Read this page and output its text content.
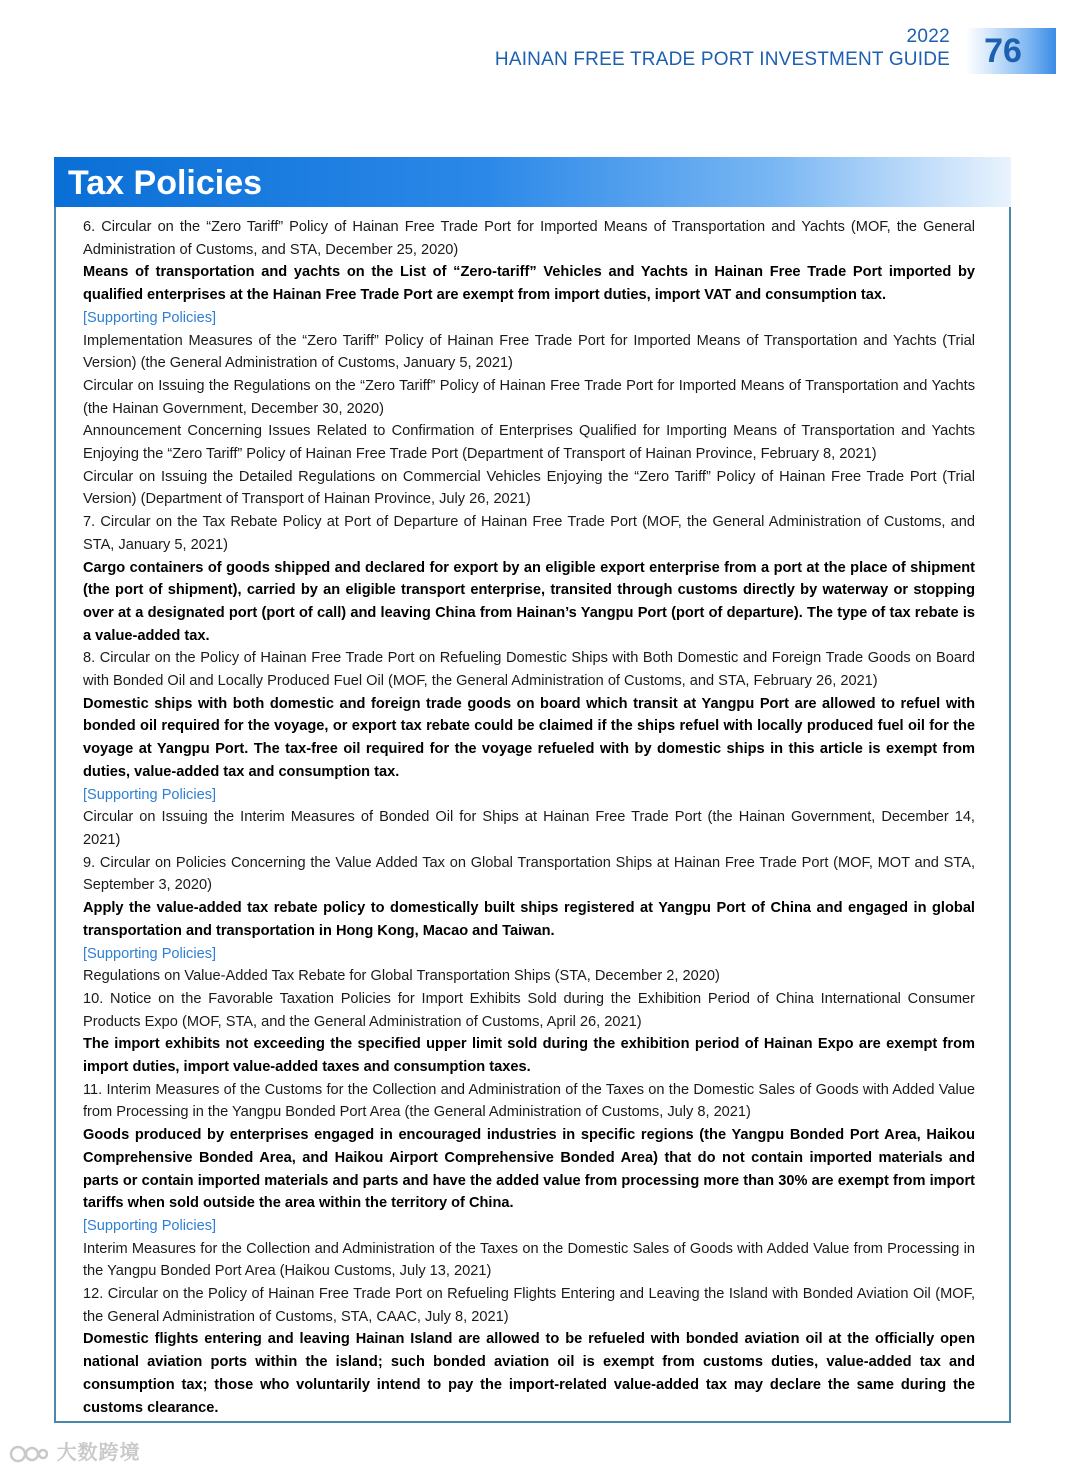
2022
HAINAN FREE TRADE PORT INVESTMENT GUIDE 76
Tax Policies

6. Circular on the “Zero Tariff” Policy of Hainan Free Trade Port for Imported Means of Transportation and Yachts (MOF, the General Administration of Customs, and STA, December 25, 2020)

Means of transportation and yachts on the List of “Zero-tariff” Vehicles and Yachts in Hainan Free Trade Port imported by qualified enterprises at the Hainan Free Trade Port are exempt from import duties, import VAT and consumption tax.

[Supporting Policies]

Implementation Measures of the “Zero Tariff” Policy of Hainan Free Trade Port for Imported Means of Transportation and Yachts (Trial Version) (the General Administration of Customs, January 5, 2021)

Circular on Issuing the Regulations on the “Zero Tariff” Policy of Hainan Free Trade Port for Imported Means of Transportation and Yachts (the Hainan Government, December 30, 2020)

Announcement Concerning Issues Related to Confirmation of Enterprises Qualified for Importing Means of Transportation and Yachts Enjoying the “Zero Tariff” Policy of Hainan Free Trade Port (Department of Transport of Hainan Province, February 8, 2021)

Circular on Issuing the Detailed Regulations on Commercial Vehicles Enjoying the “Zero Tariff” Policy of Hainan Free Trade Port (Trial Version) (Department of Transport of Hainan Province, July 26, 2021)

7. Circular on the Tax Rebate Policy at Port of Departure of Hainan Free Trade Port (MOF, the General Administration of Customs, and STA, January 5, 2021)

Cargo containers of goods shipped and declared for export by an eligible export enterprise from a port at the place of shipment (the port of shipment), carried by an eligible transport enterprise, transited through customs directly by waterway or stopping over at a designated port (port of call) and leaving China from Hainan’s Yangpu Port (port of departure). The type of tax rebate is a value-added tax.

8. Circular on the Policy of Hainan Free Trade Port on Refueling Domestic Ships with Both Domestic and Foreign Trade Goods on Board with Bonded Oil and Locally Produced Fuel Oil (MOF, the General Administration of Customs, and STA, February 26, 2021)

Domestic ships with both domestic and foreign trade goods on board which transit at Yangpu Port are allowed to refuel with bonded oil required for the voyage, or export tax rebate could be claimed if the ships refuel with locally produced fuel oil for the voyage at Yangpu Port. The tax-free oil required for the voyage refueled with by domestic ships in this article is exempt from duties, value-added tax and consumption tax.

[Supporting Policies]

Circular on Issuing the Interim Measures of Bonded Oil for Ships at Hainan Free Trade Port (the Hainan Government, December 14, 2021)

9. Circular on Policies Concerning the Value Added Tax on Global Transportation Ships at Hainan Free Trade Port (MOF, MOT and STA, September 3, 2020)

Apply the value-added tax rebate policy to domestically built ships registered at Yangpu Port of China and engaged in global transportation and transportation in Hong Kong, Macao and Taiwan.

[Supporting Policies]

Regulations on Value-Added Tax Rebate for Global Transportation Ships (STA, December 2, 2020)

10. Notice on the Favorable Taxation Policies for Import Exhibits Sold during the Exhibition Period of China International Consumer Products Expo (MOF, STA, and the General Administration of Customs, April 26, 2021)

The import exhibits not exceeding the specified upper limit sold during the exhibition period of Hainan Expo are exempt from import duties, import value-added taxes and consumption taxes.

11. Interim Measures of the Customs for the Collection and Administration of the Taxes on the Domestic Sales of Goods with Added Value from Processing in the Yangpu Bonded Port Area (the General Administration of Customs, July 8, 2021)

Goods produced by enterprises engaged in encouraged industries in specific regions (the Yangpu Bonded Port Area, Haikou Comprehensive Bonded Area, and Haikou Airport Comprehensive Bonded Area) that do not contain imported materials and parts or contain imported materials and parts and have the added value from processing more than 30% are exempt from import tariffs when sold outside the area within the territory of China.

[Supporting Policies]

Interim Measures for the Collection and Administration of the Taxes on the Domestic Sales of Goods with Added Value from Processing in the Yangpu Bonded Port Area (Haikou Customs, July 13, 2021)

12. Circular on the Policy of Hainan Free Trade Port on Refueling Flights Entering and Leaving the Island with Bonded Aviation Oil (MOF, the General Administration of Customs, STA, CAAC, July 8, 2021)

Domestic flights entering and leaving Hainan Island are allowed to be refueled with bonded aviation oil at the officially open national aviation ports within the island; such bonded aviation oil is exempt from customs duties, value-added tax and consumption tax; those who voluntarily intend to pay the import-related value-added tax may declare the same during the customs clearance.

大数跨境
